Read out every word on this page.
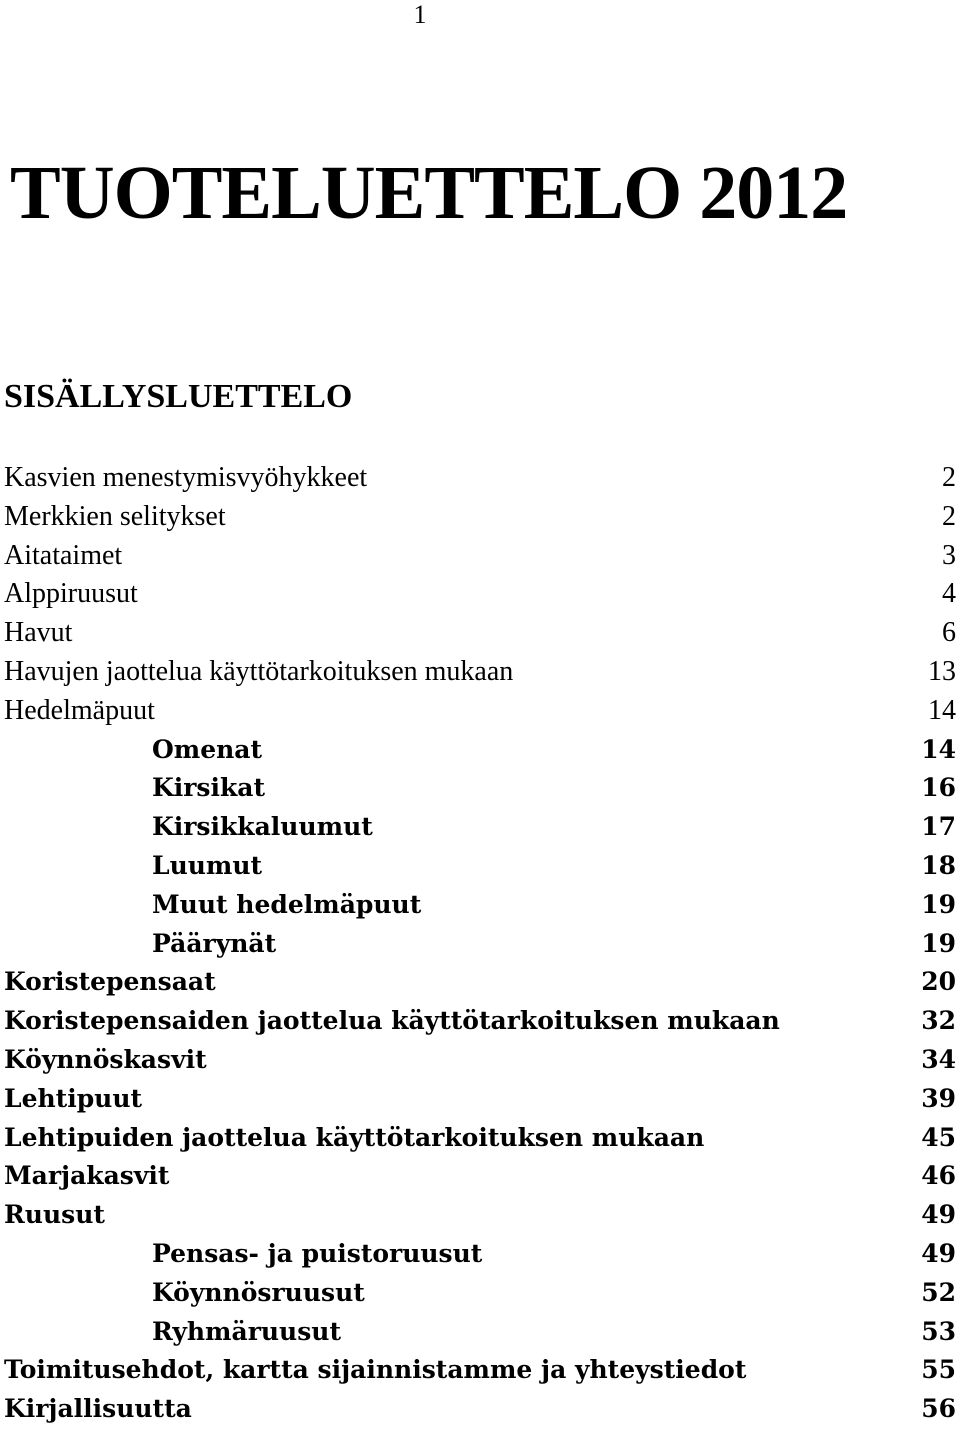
1
TUOTELUETTELO 2012
SISÄLLYSLUETTELO
Kasvien menestymisvyöhykkeet	2
Merkkien selitykset	2
Aitataimet	3
Alppiruusut	4
Havut	6
Havujen jaottelua käyttötarkoituksen mukaan	13
Hedelmäpuut	14
Omenat	14
Kirsikat	16
Kirsikkaluumut	17
Luumut	18
Muut hedelmäpuut	19
Päärynät	19
Koristepensaat	20
Koristepensaiden jaottelua käyttötarkoituksen mukaan	32
Köynnöskasvit	34
Lehtipuut	39
Lehtipuiden jaottelua käyttötarkoituksen mukaan	45
Marjakasvit	46
Ruusut	49
Pensas- ja puistoruusut	49
Köynnösruusut	52
Ryhmäruusut	53
Toimitusehdot, kartta sijainnistamme ja yhteystiedot	55
Kirjallisuutta	56
